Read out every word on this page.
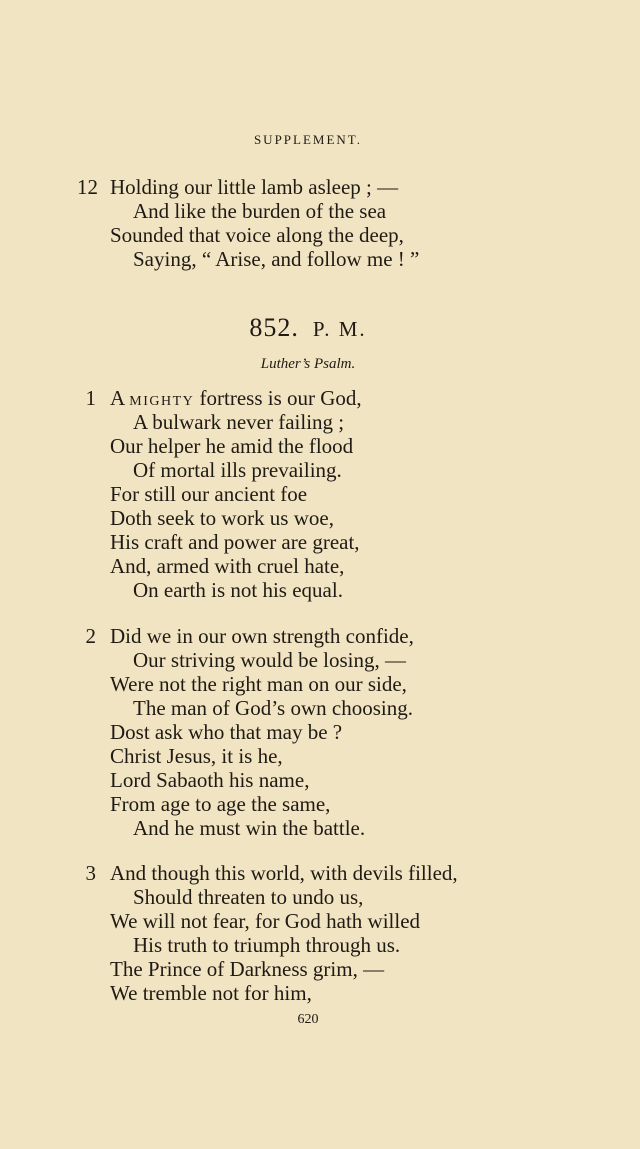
SUPPLEMENT.
12 Holding our little lamb asleep ; —
And like the burden of the sea
Sounded that voice along the deep,
Saying, “ Arise, and follow me ! ”
852. P. M.
Luther’s Psalm.
1 A MIGHTY fortress is our God,
A bulwark never failing ;
Our helper he amid the flood
Of mortal ills prevailing.
For still our ancient foe
Doth seek to work us woe,
His craft and power are great,
And, armed with cruel hate,
On earth is not his equal.
2 Did we in our own strength confide,
Our striving would be losing, —
Were not the right man on our side,
The man of God’s own choosing.
Dost ask who that may be ?
Christ Jesus, it is he,
Lord Sabaoth his name,
From age to age the same,
And he must win the battle.
3 And though this world, with devils filled,
Should threaten to undo us,
We will not fear, for God hath willed
His truth to triumph through us.
The Prince of Darkness grim, —
We tremble not for him,
620
